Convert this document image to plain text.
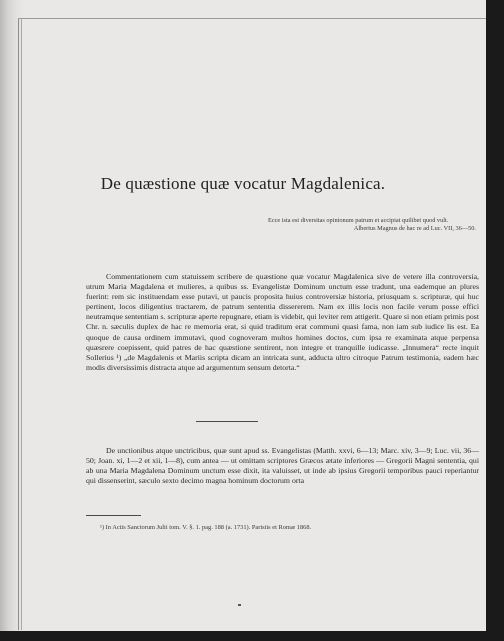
De quæstione quæ vocatur Magdalenica.
Ecce ista est diversitas opinionum patrum et accipiat quilibet quod vult.
Albertus Magnus de hac re ad Luc. VII, 36—50.
Commentationem cum statuissem scribere de quæstione quæ vocatur Magdalenica sive de vetere illa controversia, utrum Maria Magdalena et mulieres, a quibus ss. Evangelistæ Dominum unctum esse tradunt, una eademque an plures fuerint: rem sic instituendam esse putavi, ut paucis proposita huius controversiæ historia, priusquam s. scripturæ, qui huc pertinent, locos diligentius tractarem, de patrum sententia dissererem. Nam ex illis locis non facile verum posse effici neutramque sententiam s. scripturæ aperte repugnare, etiam is videbit, qui leviter rem attigerit. Quare si non etiam primis post Chr. n. sæculis duplex de hac re memoria erat, si quid traditum erat communi quasi fama, non iam sub iudice lis est. Ea quoque de causa ordinem immutavi, quod cognoveram multos homines doctos, cum ipsa re examinata atque perpensa quæsrere coepissent, quid patres de hac quæstione sentirent, non integre et tranquille iudicasse. „Innumera“ recte inquit Sollerius ¹) „de Magdalenis et Mariis scripta dicam an intricata sunt, adducta ultro citroque Patrum testimonia, eadem hæc modis diversissimis distracta atque ad argumentum sensum detorta.“
De unctionibus atque unctricibus, quæ sunt apud ss. Evangelistas (Matth. xxvi, 6—13; Marc. xiv, 3—9; Luc. vii, 36—50; Joan. xi, 1—2 et xii, 1—8), cum antea — ut omittam scriptores Græcos ætate inferiores — Gregorii Magni sententia, qui ab una Maria Magdalena Dominum unctum esse dixit, ita valuisset, ut inde ab ipsius Gregorii temporibus pauci reperiantur qui dissenserint, sæculo sexto decimo magna hominum doctorum orta
¹) In Actis Sanctorum Julii tom. V. §. 1. pag. 188 (a. 1731). Parisiis et Romæ 1868.
